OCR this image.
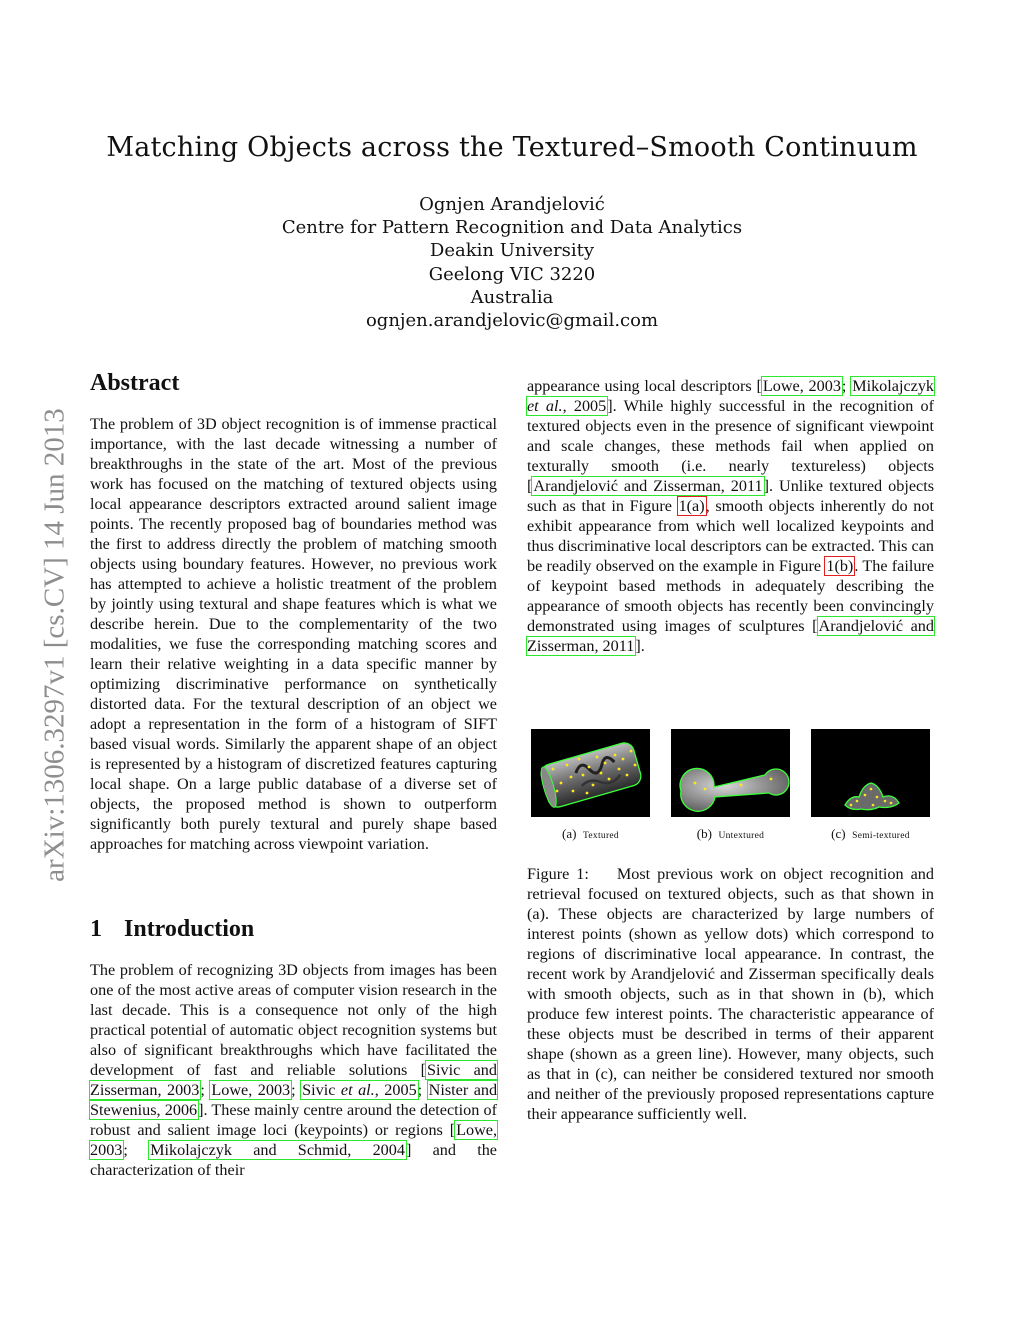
arXiv:1306.3297v1 [cs.CV] 14 Jun 2013
Matching Objects across the Textured–Smooth Continuum
Ognjen Arandjelović
Centre for Pattern Recognition and Data Analytics
Deakin University
Geelong VIC 3220
Australia
ognjen.arandjelovic@gmail.com
Abstract
The problem of 3D object recognition is of immense practical importance, with the last decade witnessing a number of breakthroughs in the state of the art. Most of the previous work has focused on the matching of textured objects using local appearance descriptors extracted around salient image points. The recently proposed bag of boundaries method was the first to address directly the problem of matching smooth objects using boundary features. However, no previous work has attempted to achieve a holistic treatment of the problem by jointly using textural and shape features which is what we describe herein. Due to the complementarity of the two modalities, we fuse the corresponding matching scores and learn their relative weighting in a data specific manner by optimizing discriminative performance on synthetically distorted data. For the textural description of an object we adopt a representation in the form of a histogram of SIFT based visual words. Similarly the apparent shape of an object is represented by a histogram of discretized features capturing local shape. On a large public database of a diverse set of objects, the proposed method is shown to outperform significantly both purely textural and purely shape based approaches for matching across viewpoint variation.
1 Introduction
The problem of recognizing 3D objects from images has been one of the most active areas of computer vision research in the last decade. This is a consequence not only of the high practical potential of automatic object recognition systems but also of significant breakthroughs which have facilitated the development of fast and reliable solutions [Sivic and Zisserman, 2003; Lowe, 2003; Sivic et al., 2005; Nister and Stewenius, 2006]. These mainly centre around the detection of robust and salient image loci (keypoints) or regions [Lowe, 2003; Mikolajczyk and Schmid, 2004] and the characterization of their
appearance using local descriptors [Lowe, 2003; Mikolajczyk et al., 2005]. While highly successful in the recognition of textured objects even in the presence of significant viewpoint and scale changes, these methods fail when applied on texturally smooth (i.e. nearly textureless) objects [Arandjelović and Zisserman, 2011]. Unlike textured objects such as that in Figure 1(a), smooth objects inherently do not exhibit appearance from which well localized keypoints and thus discriminative local descriptors can be extracted. This can be readily observed on the example in Figure 1(b). The failure of keypoint based methods in adequately describing the appearance of smooth objects has recently been convincingly demonstrated using images of sculptures [Arandjelović and Zisserman, 2011].
(a) Textured	(b) Untextured	(c) Semi-textured
Figure 1: Most previous work on object recognition and retrieval focused on textured objects, such as that shown in (a). These objects are characterized by large numbers of interest points (shown as yellow dots) which correspond to regions of discriminative local appearance. In contrast, the recent work by Arandjelović and Zisserman specifically deals with smooth objects, such as in that shown in (b), which produce few interest points. The characteristic appearance of these objects must be described in terms of their apparent shape (shown as a green line). However, many objects, such as that in (c), can neither be considered textured nor smooth and neither of the previously proposed representations capture their appearance sufficiently well.
